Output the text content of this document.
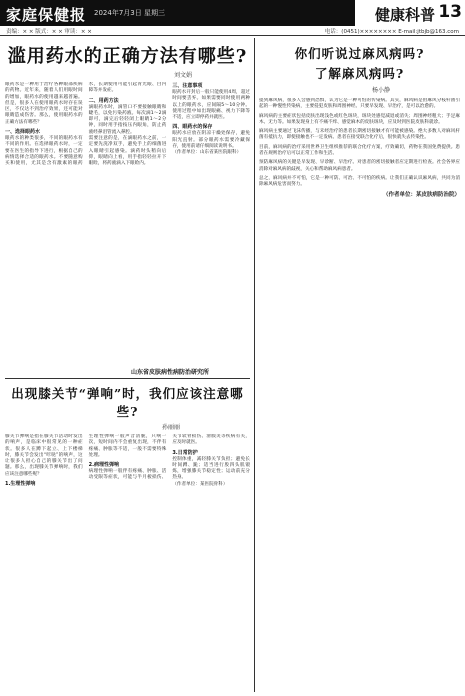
家庭保健报 2024年7月3日 星期三	健康科普 13
责编：× × 版式：× × 审读：× ×	电话：(0451)×××××××× E-mail:jtbjb@163.com
滥用药水的正确方法有哪些?
刘文娟

眼药水是一种用于治疗各种眼部疾病的药物。近年来，随着人们用眼时间的增加，眼药水的使用越来越普遍。但是，很多人在使用眼药水时存在误区，不仅达不到治疗效果，还可能对眼睛造成伤害。那么，使用眼药水的正确方法有哪些？

一、选择眼药水

眼药水的种类很多，不同的眼药水有不同的作用。在选择眼药水时，一定要在医生的指导下进行，根据自己的病情选择合适的眼药水。不要随意购买和使用，尤其是含有激素的眼药水，长期使用可能引起青光眼、白内障等并发症。

二、用药方法

滴眼药水时，滴管口不要接触眼睛和睫毛，以免污染药液。每次滴1～2滴即可，滴完后轻轻闭上眼睛1～2分钟，同时用手指按压内眼角，防止药液经鼻泪管流入鼻腔。

需要注意的是，在滴眼药水之前，一定要先洗净双手，避免手上的细菌进入眼睛引起感染。滴药时头稍向后仰，眼睛向上看，用手指轻轻拉开下眼睑，将药液滴入下眼睑内。

三、注意事项

眼药水开封后一般只能使用4周，超过时间要丢弃。如果需要同时使用两种以上的眼药水，应间隔5～10分钟。使用过程中如出现眼痛、视力下降等不适，应立即停药并就医。

四、眼药水的保存

眼药水应放在阴凉干燥处保存，避免阳光直射。部分眼药水需要冷藏保存，使用前请仔细阅读说明书。

（作者单位：山东省某医院眼科）

山东省皮肤病性病防治研究所
出现膝关节“弹响”时，我们应该注意哪些?
孙丽丽

膝关节弹响是指在膝关节活动时发出的响声，是临床中很常见的一种症状。很多人在蹲下起立、上下楼梯时，膝关节会发出“咔哒”的响声，这让很多人担心自己的膝关节出了问题。那么，出现膝关节弹响时，我们应该注意哪些呢？

1.生理性弹响

生理性弹响一般声音清脆，只响一次，短时间内不会重复出现，不伴有疼痛、肿胀等不适，一般不需要特殊处理。

2.病理性弹响

病理性弹响一般伴有疼痛、肿胀、活动受限等症状，可能与半月板损伤、关节软骨损伤、滑膜炎等疾病有关，应及时就医。

3.日常防护

控制体重，减轻膝关节负担；避免长时间蹲、跪；适当进行股四头肌锻炼，增强膝关节稳定性；运动前充分热身。

（作者单位：某医院骨科）

你们听说过麻风病吗?
了解麻风病吗?
杨小静

提到麻风病，很多人会感到恐惧，认为它是一种可怕的传染病。其实，麻风病是由麻风分枝杆菌引起的一种慢性传染病，主要侵犯皮肤和周围神经。只要早发现、早治疗，是可以治愈的。

麻风病的主要症状包括皮肤出现浅色或红色斑块，斑块处感觉减退或消失；周围神经粗大；手足麻木、无力等。如果发现身上有不痛不痒、感觉麻木的皮肤斑块，应及时到医院皮肤科就诊。

麻风病主要通过飞沫传播，与未经治疗的患者长期密切接触才有可能被感染。绝大多数人对麻风杆菌有抵抗力，即使接触也不一定发病。患者在接受联合化疗后，很快就失去传染性。

目前，麻风病的治疗采用世界卫生组织推荐的联合化疗方案，疗效确切，药物在我国免费提供。患者在规则治疗后可以正常工作和生活。

预防麻风病的关键是早发现、早诊断、早治疗。对患者的密切接触者应定期进行检查。社会各界应消除对麻风病的歧视，关心和帮助麻风病患者。

总之，麻风病并不可怕，它是一种可防、可治、不可怕的疾病。让我们正确认识麻风病，共同为消除麻风病危害而努力。

（作者单位：某皮肤病防治院）
